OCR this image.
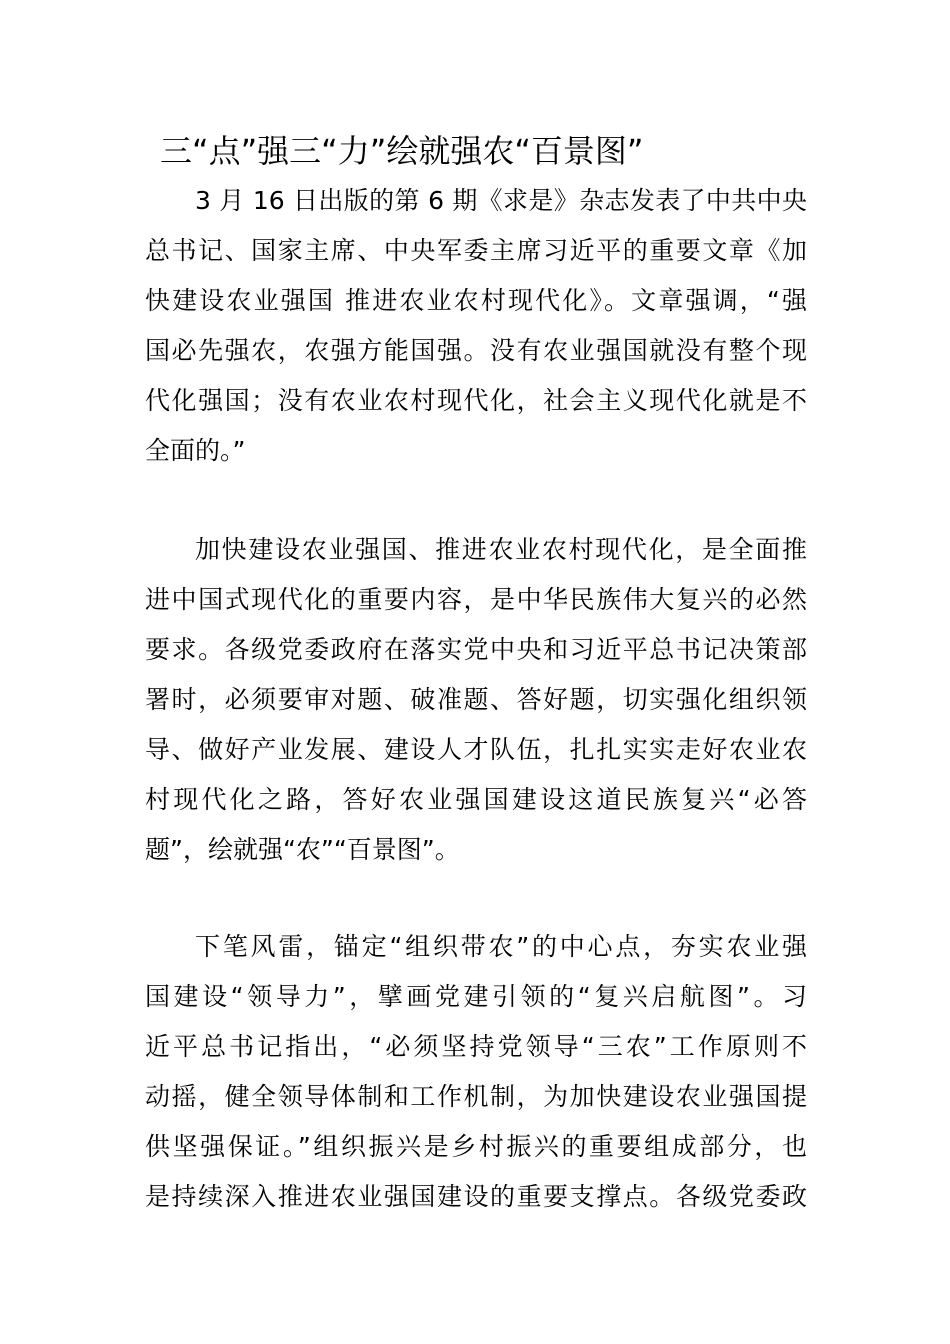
三“点”强三“力”绘就强农“百景图”

3 月 16 日出版的第 6 期《求是》杂志发表了中共中央

总书记、国家主席、中央军委主席习近平的重要文章《加

快建设农业强国 推进农业农村现代化》。文章强调，“强

国必先强农，农强方能国强。没有农业强国就没有整个现

代化强国；没有农业农村现代化，社会主义现代化就是不

全面的。”

加快建设农业强国、推进农业农村现代化，是全面推

进中国式现代化的重要内容，是中华民族伟大复兴的必然

要求。各级党委政府在落实党中央和习近平总书记决策部

署时，必须要审对题、破准题、答好题，切实强化组织领

导、做好产业发展、建设人才队伍，扎扎实实走好农业农

村现代化之路，答好农业强国建设这道民族复兴“必答

题”，绘就强“农”“百景图”。

下笔风雷，锚定“组织带农”的中心点，夯实农业强

国建设“领导力”，擘画党建引领的“复兴启航图”。习

近平总书记指出，“必须坚持党领导“三农”工作原则不

动摇，健全领导体制和工作机制，为加快建设农业强国提

供坚强保证。”组织振兴是乡村振兴的重要组成部分，也

是持续深入推进农业强国建设的重要支撑点。各级党委政
